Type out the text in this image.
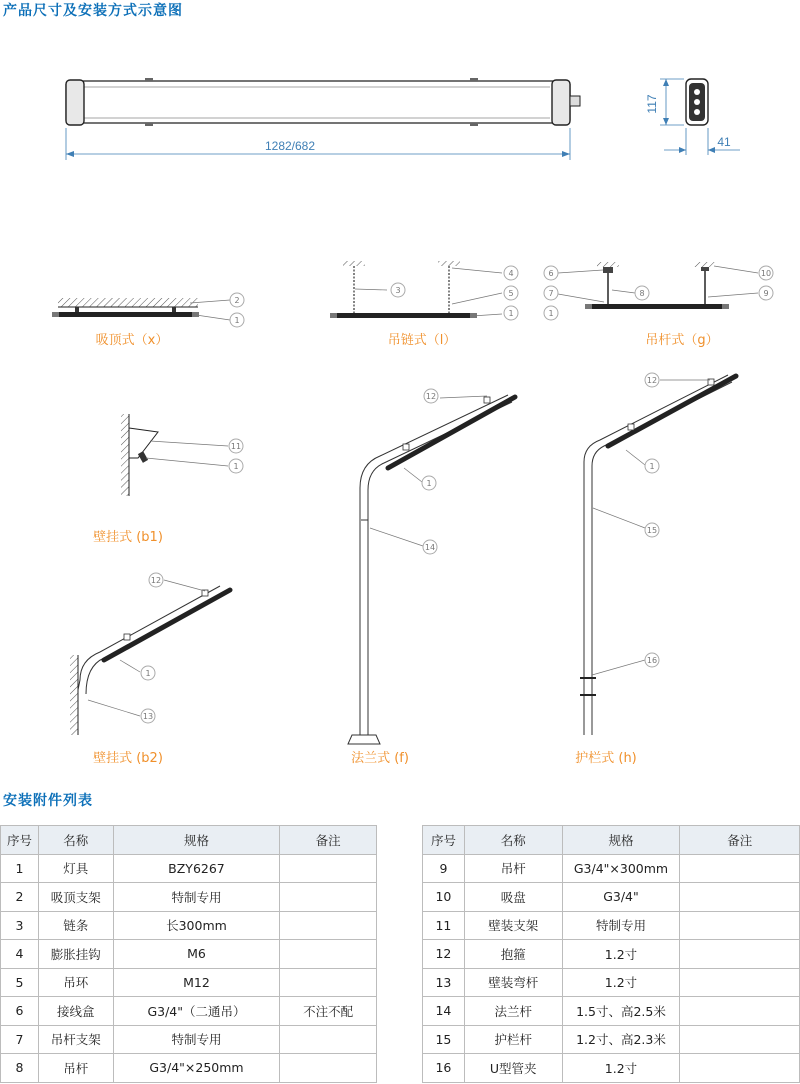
产品尺寸及安装方式示意图
安装附件列表
1282/682
117
41
2
1
3
4
5
1
6
7
1
8
10
9
11
1
12
1
14
12
1
15
16
12
1
13
吸顶式（x）	吊链式（l）	吊杆式（g）
壁挂式 (b1)
壁挂式 (b2)	法兰式 (f)	护栏式 (h)
序号	名称	规格	备注
1	灯具	BZY6267	
2	吸顶支架	特制专用	
3	链条	长300mm	
4	膨胀挂钩	M6	
5	吊环	M12	
6	接线盒	G3/4"（二通吊）	不注不配
7	吊杆支架	特制专用	
8	吊杆	G3/4"×250mm	
序号	名称	规格	备注
9	吊杆	G3/4"×300mm	
10	吸盘	G3/4"	
11	壁装支架	特制专用	
12	抱箍	1.2寸	
13	壁装弯杆	1.2寸	
14	法兰杆	1.5寸、高2.5米	
15	护栏杆	1.2寸、高2.3米	
16	U型管夹	1.2寸	
